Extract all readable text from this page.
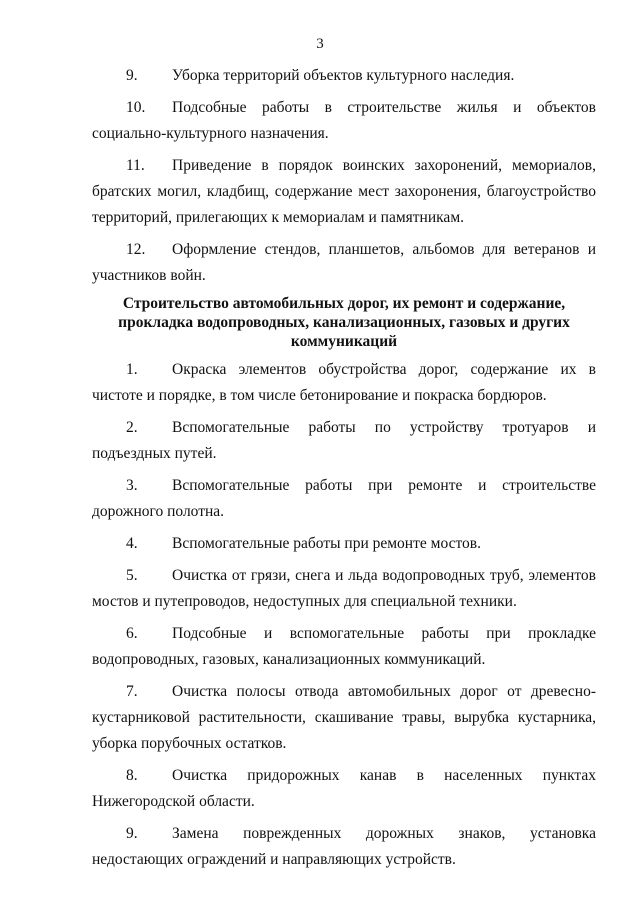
3

9. Уборка территорий объектов культурного наследия.

10. Подсобные работы в строительстве жилья и объектов социально-культурного назначения.

11. Приведение в порядок воинских захоронений, мемориалов, братских могил, кладбищ, содержание мест захоронения, благоустройство территорий, прилегающих к мемориалам и памятникам.

12. Оформление стендов, планшетов, альбомов для ветеранов и участников войн.

Строительство автомобильных дорог, их ремонт и содержание, прокладка водопроводных, канализационных, газовых и других коммуникаций

1. Окраска элементов обустройства дорог, содержание их в чистоте и порядке, в том числе бетонирование и покраска бордюров.

2. Вспомогательные работы по устройству тротуаров и подъездных путей.

3. Вспомогательные работы при ремонте и строительстве дорожного полотна.

4. Вспомогательные работы при ремонте мостов.

5. Очистка от грязи, снега и льда водопроводных труб, элементов мостов и путепроводов, недоступных для специальной техники.

6. Подсобные и вспомогательные работы при прокладке водопроводных, газовых, канализационных коммуникаций.

7. Очистка полосы отвода автомобильных дорог от древесно-кустарниковой растительности, скашивание травы, вырубка кустарника, уборка порубочных остатков.

8. Очистка придорожных канав в населенных пунктах Нижегородской области.

9. Замена поврежденных дорожных знаков, установка недостающих ограждений и направляющих устройств.
